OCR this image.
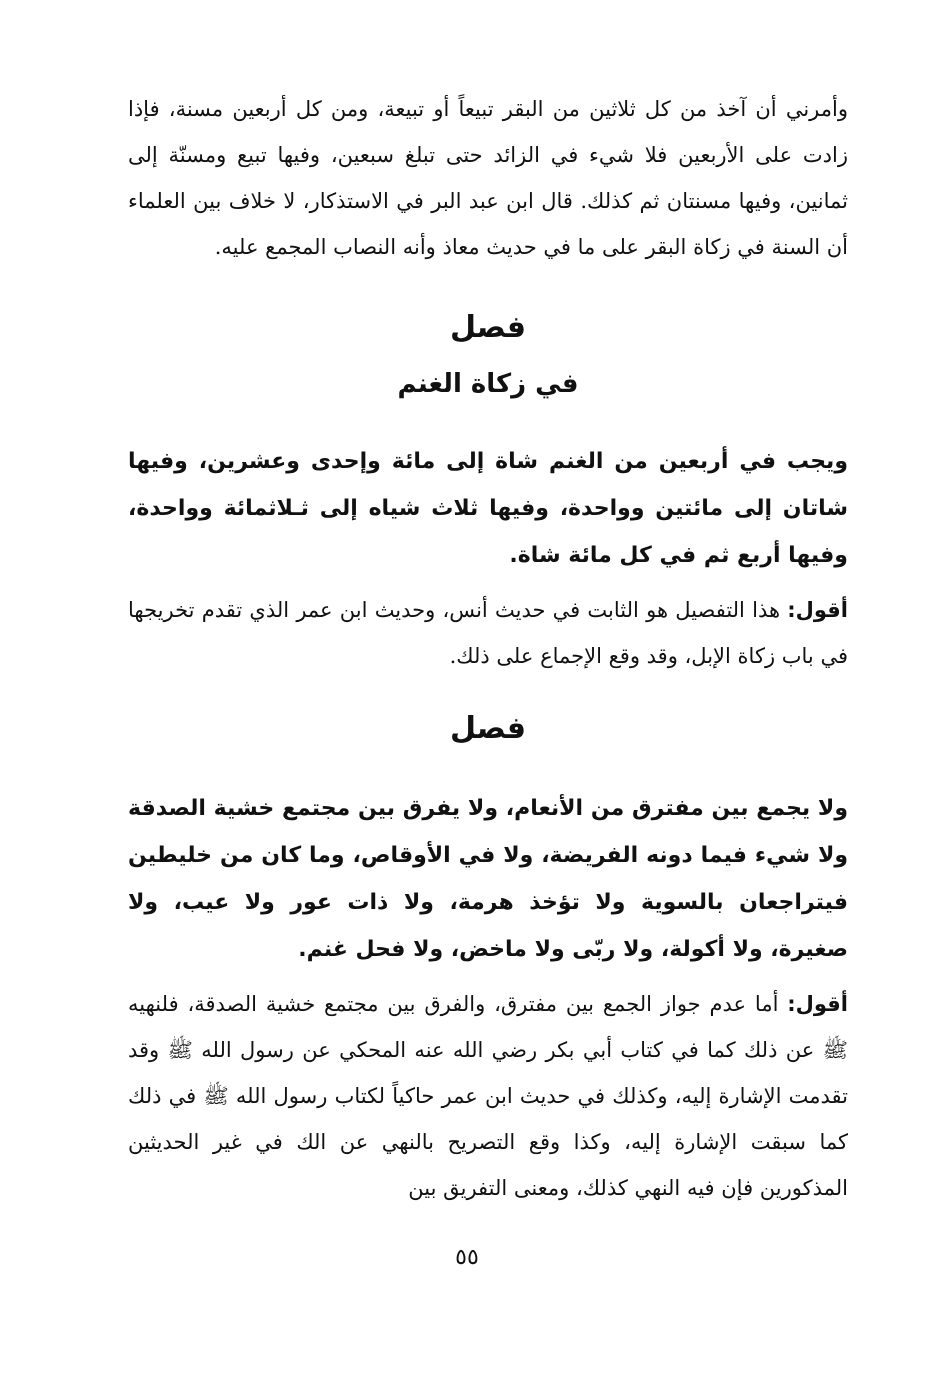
وأمرني أن آخذ من كل ثلاثين من البقر تبيعاً أو تبيعة، ومن كل أربعين مسنة، فإذا زادت على الأربعين فلا شيء في الزائد حتى تبلغ سبعين، وفيها تبيع ومسنّة إلى ثمانين، وفيها مسنتان ثم كذلك. قال ابن عبد البر في الاستذكار، لا خلاف بين العلماء أن السنة في زكاة البقر على ما في حديث معاذ وأنه النصاب المجمع عليه.

فصل
في زكاة الغنم

ويجب في أربعين من الغنم شاة إلى مائة وإحدى وعشرين، وفيها شاتان إلى مائتين وواحدة، وفيها ثلاث شياه إلى ثـلاثمائة وواحدة، وفيها أربع ثم في كل مائة شاة.

أقول: هذا التفصيل هو الثابت في حديث أنس، وحديث ابن عمر الذي تقدم تخريجها في باب زكاة الإبل، وقد وقع الإجماع على ذلك.

فصل

ولا يجمع بين مفترق من الأنعام، ولا يفرق بين مجتمع خشية الصدقة ولا شيء فيما دونه الفريضة، ولا في الأوقاص، وما كان من خليطين فيتراجعان بالسوية ولا تؤخذ هرمة، ولا ذات عور ولا عيب، ولا صغيرة، ولا أكولة، ولا ربّى ولا ماخض، ولا فحل غنم.

أقول: أما عدم جواز الجمع بين مفترق، والفرق بين مجتمع خشية الصدقة، فلنهيه ﷺ عن ذلك كما في كتاب أبي بكر رضي الله عنه المحكي عن رسول الله ﷺ وقد تقدمت الإشارة إليه، وكذلك في حديث ابن عمر حاكياً لكتاب رسول الله ﷺ في ذلك كما سبقت الإشارة إليه، وكذا وقع التصريح بالنهي عن الك في غير الحديثين المذكورين فإن فيه النهي كذلك، ومعنى التفريق بين

٥٥
